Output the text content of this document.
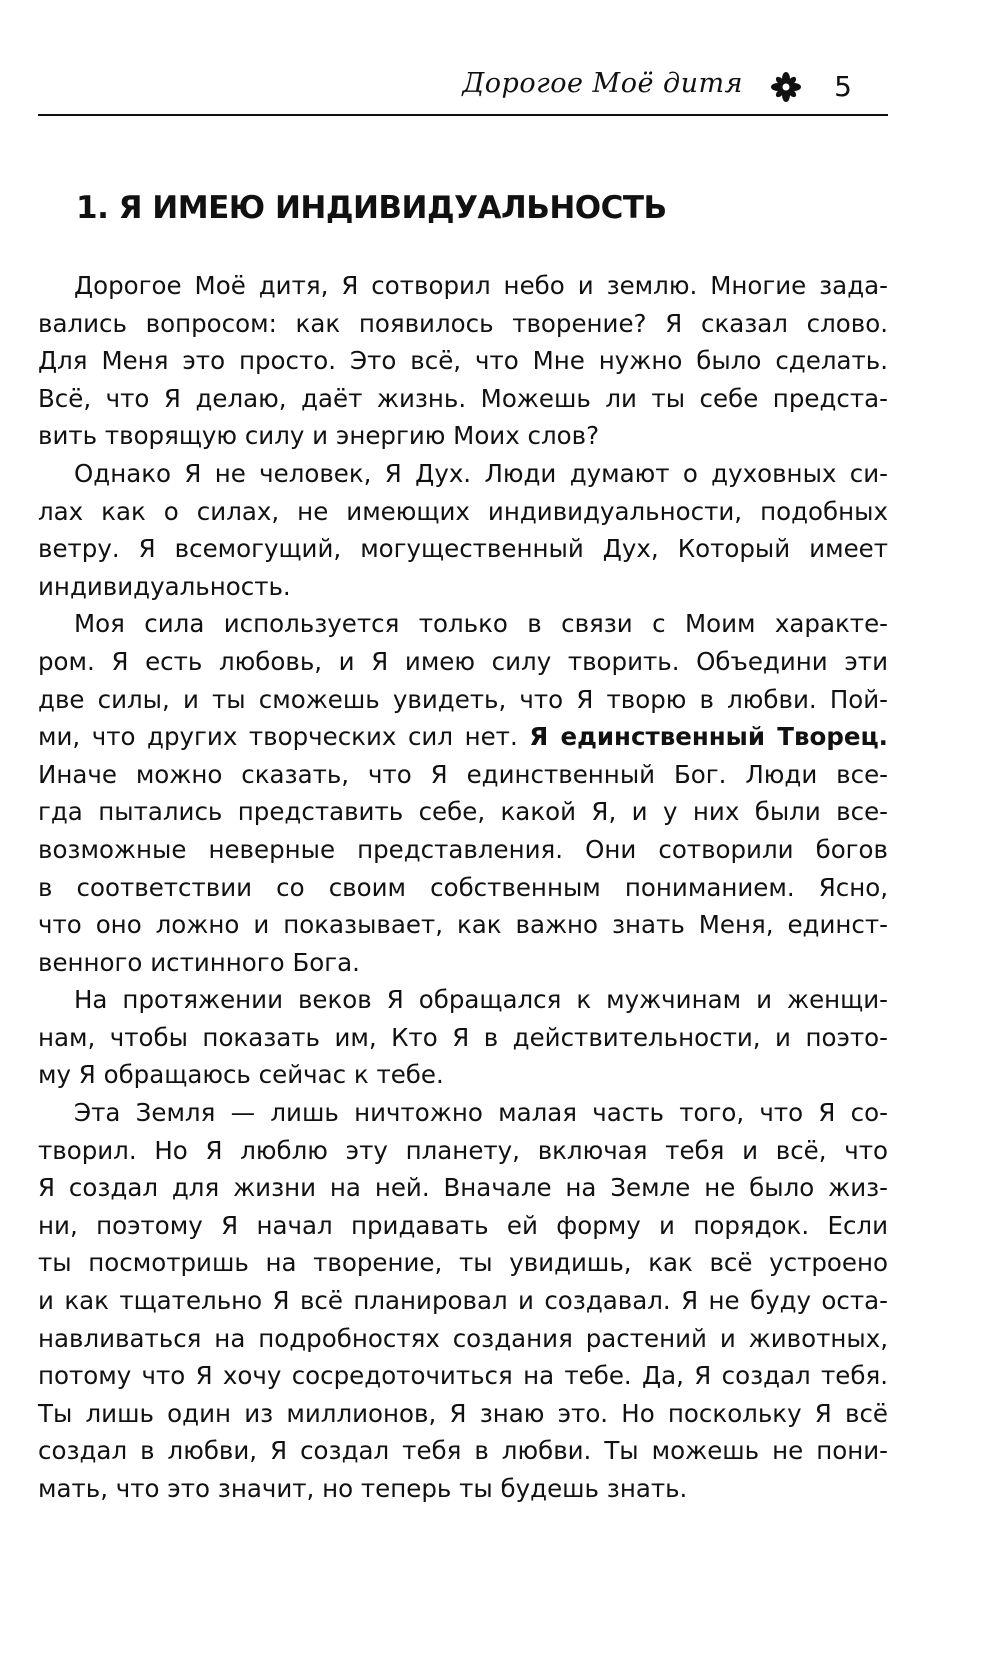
Дорогое Моё дитя	5
1. Я ИМЕЮ ИНДИВИДУАЛЬНОСТЬ
Дорогое Моё дитя, Я сотворил небо и землю. Многие зада-
вались вопросом: как появилось творение? Я сказал слово.
Для Меня это просто. Это всё, что Мне нужно было сделать.
Всё, что Я делаю, даёт жизнь. Можешь ли ты себе предста-
вить творящую силу и энергию Моих слов?
Однако Я не человек, Я Дух. Люди думают о духовных си-
лах как о силах, не имеющих индивидуальности, подобных
ветру. Я всемогущий, могущественный Дух, Который имеет
индивидуальность.
Моя сила используется только в связи с Моим характе-
ром. Я есть любовь, и Я имею силу творить. Объедини эти
две силы, и ты сможешь увидеть, что Я творю в любви. Пой-
ми, что других творческих сил нет. Я единственный Творец.
Иначе можно сказать, что Я единственный Бог. Люди все-
гда пытались представить себе, какой Я, и у них были все-
возможные неверные представления. Они сотворили богов
в соответствии со своим собственным пониманием. Ясно,
что оно ложно и показывает, как важно знать Меня, единст-
венного истинного Бога.
На протяжении веков Я обращался к мужчинам и женщи-
нам, чтобы показать им, Кто Я в действительности, и поэто-
му Я обращаюсь сейчас к тебе.
Эта Земля — лишь ничтожно малая часть того, что Я со-
творил. Но Я люблю эту планету, включая тебя и всё, что
Я создал для жизни на ней. Вначале на Земле не было жиз-
ни, поэтому Я начал придавать ей форму и порядок. Если
ты посмотришь на творение, ты увидишь, как всё устроено
и как тщательно Я всё планировал и создавал. Я не буду оста-
навливаться на подробностях создания растений и животных,
потому что Я хочу сосредоточиться на тебе. Да, Я создал тебя.
Ты лишь один из миллионов, Я знаю это. Но поскольку Я всё
создал в любви, Я создал тебя в любви. Ты можешь не пони-
мать, что это значит, но теперь ты будешь знать.
